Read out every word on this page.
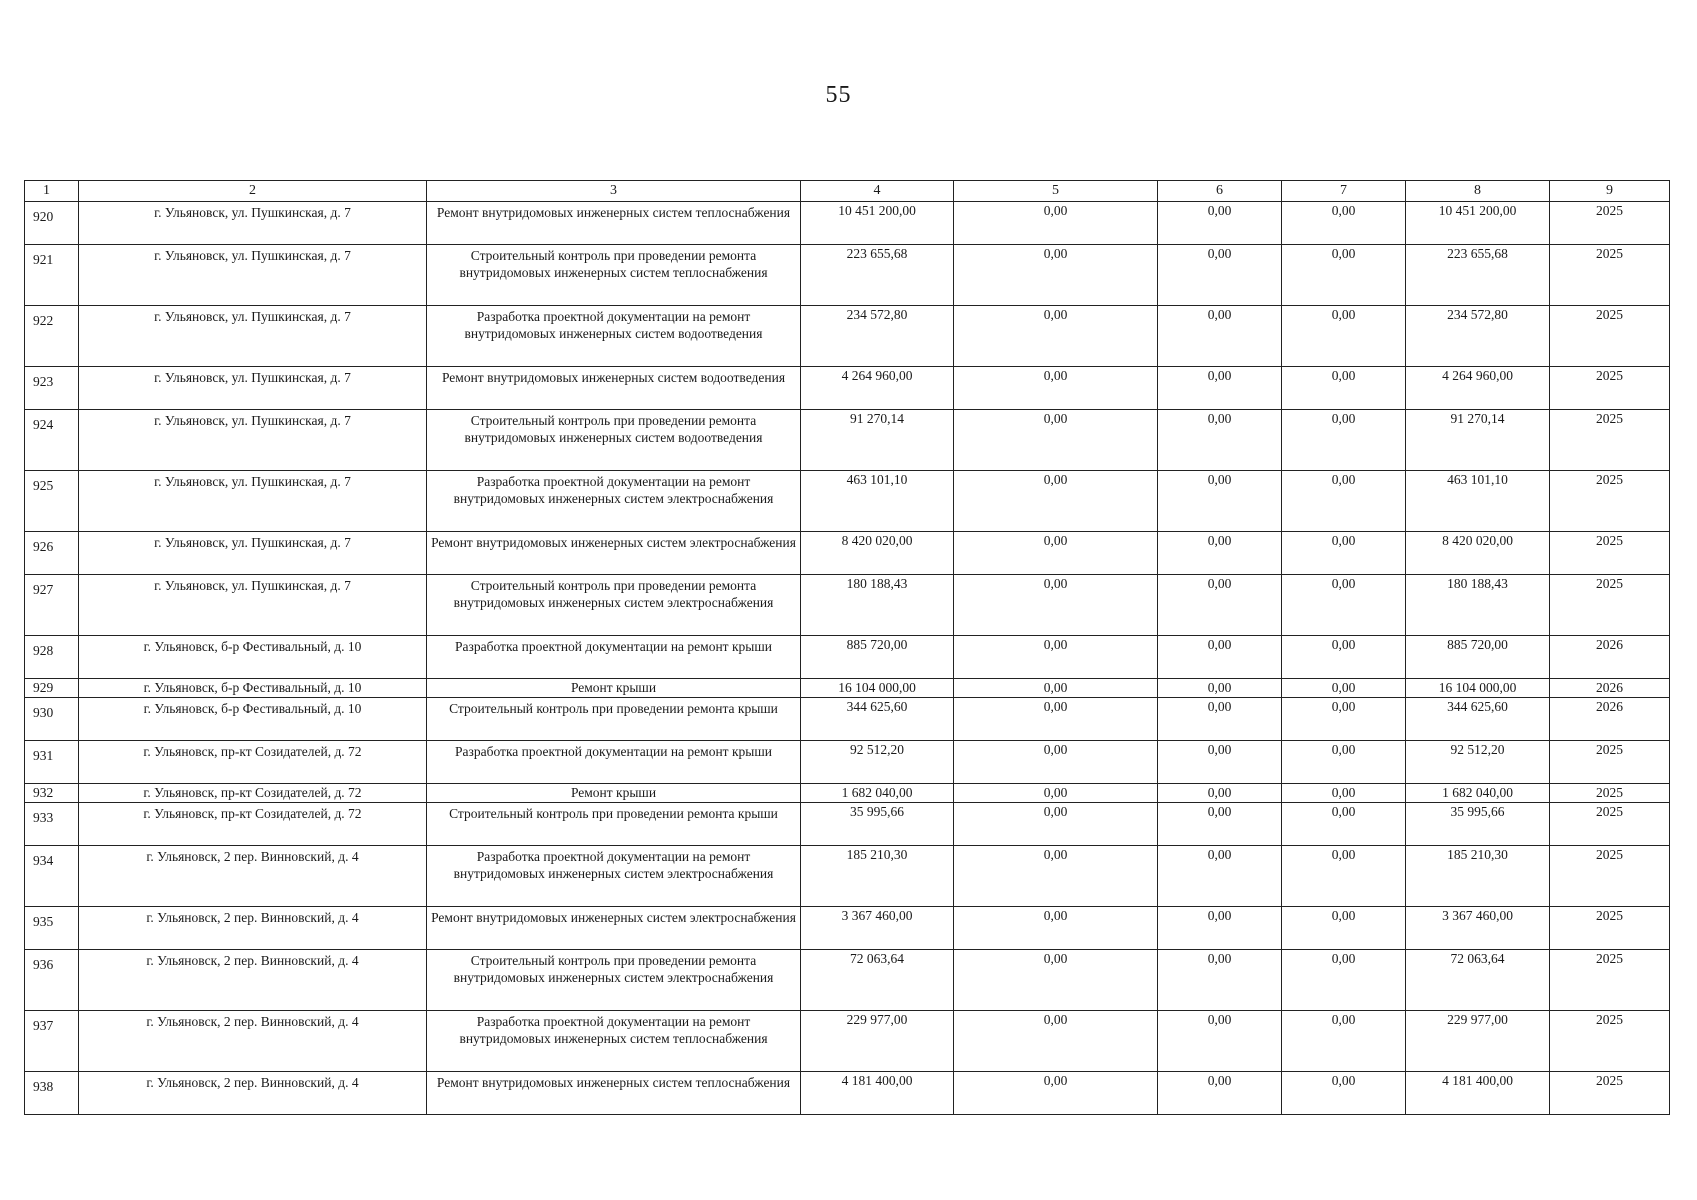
55
1	2	3	4	5	6	7	8	9
920	г. Ульяновск, ул. Пушкинская, д. 7	Ремонт внутридомовых инженерных систем теплоснабжения	10 451 200,00	0,00	0,00	0,00	10 451 200,00	2025
921	г. Ульяновск, ул. Пушкинская, д. 7	Строительный контроль при проведении ремонта внутридомовых инженерных систем теплоснабжения	223 655,68	0,00	0,00	0,00	223 655,68	2025
922	г. Ульяновск, ул. Пушкинская, д. 7	Разработка проектной документации на ремонт внутридомовых инженерных систем водоотведения	234 572,80	0,00	0,00	0,00	234 572,80	2025
923	г. Ульяновск, ул. Пушкинская, д. 7	Ремонт внутридомовых инженерных систем водоотведения	4 264 960,00	0,00	0,00	0,00	4 264 960,00	2025
924	г. Ульяновск, ул. Пушкинская, д. 7	Строительный контроль при проведении ремонта внутридомовых инженерных систем водоотведения	91 270,14	0,00	0,00	0,00	91 270,14	2025
925	г. Ульяновск, ул. Пушкинская, д. 7	Разработка проектной документации на ремонт внутридомовых инженерных систем электроснабжения	463 101,10	0,00	0,00	0,00	463 101,10	2025
926	г. Ульяновск, ул. Пушкинская, д. 7	Ремонт внутридомовых инженерных систем электроснабжения	8 420 020,00	0,00	0,00	0,00	8 420 020,00	2025
927	г. Ульяновск, ул. Пушкинская, д. 7	Строительный контроль при проведении ремонта внутридомовых инженерных систем электроснабжения	180 188,43	0,00	0,00	0,00	180 188,43	2025
928	г. Ульяновск, б-р Фестивальный, д. 10	Разработка проектной документации на ремонт крыши	885 720,00	0,00	0,00	0,00	885 720,00	2026
929	г. Ульяновск, б-р Фестивальный, д. 10	Ремонт крыши	16 104 000,00	0,00	0,00	0,00	16 104 000,00	2026
930	г. Ульяновск, б-р Фестивальный, д. 10	Строительный контроль при проведении ремонта крыши	344 625,60	0,00	0,00	0,00	344 625,60	2026
931	г. Ульяновск, пр-кт Созидателей, д. 72	Разработка проектной документации на ремонт крыши	92 512,20	0,00	0,00	0,00	92 512,20	2025
932	г. Ульяновск, пр-кт Созидателей, д. 72	Ремонт крыши	1 682 040,00	0,00	0,00	0,00	1 682 040,00	2025
933	г. Ульяновск, пр-кт Созидателей, д. 72	Строительный контроль при проведении ремонта крыши	35 995,66	0,00	0,00	0,00	35 995,66	2025
934	г. Ульяновск, 2 пер. Винновский, д. 4	Разработка проектной документации на ремонт внутридомовых инженерных систем электроснабжения	185 210,30	0,00	0,00	0,00	185 210,30	2025
935	г. Ульяновск, 2 пер. Винновский, д. 4	Ремонт внутридомовых инженерных систем электроснабжения	3 367 460,00	0,00	0,00	0,00	3 367 460,00	2025
936	г. Ульяновск, 2 пер. Винновский, д. 4	Строительный контроль при проведении ремонта внутридомовых инженерных систем электроснабжения	72 063,64	0,00	0,00	0,00	72 063,64	2025
937	г. Ульяновск, 2 пер. Винновский, д. 4	Разработка проектной документации на ремонт внутридомовых инженерных систем теплоснабжения	229 977,00	0,00	0,00	0,00	229 977,00	2025
938	г. Ульяновск, 2 пер. Винновский, д. 4	Ремонт внутридомовых инженерных систем теплоснабжения	4 181 400,00	0,00	0,00	0,00	4 181 400,00	2025
